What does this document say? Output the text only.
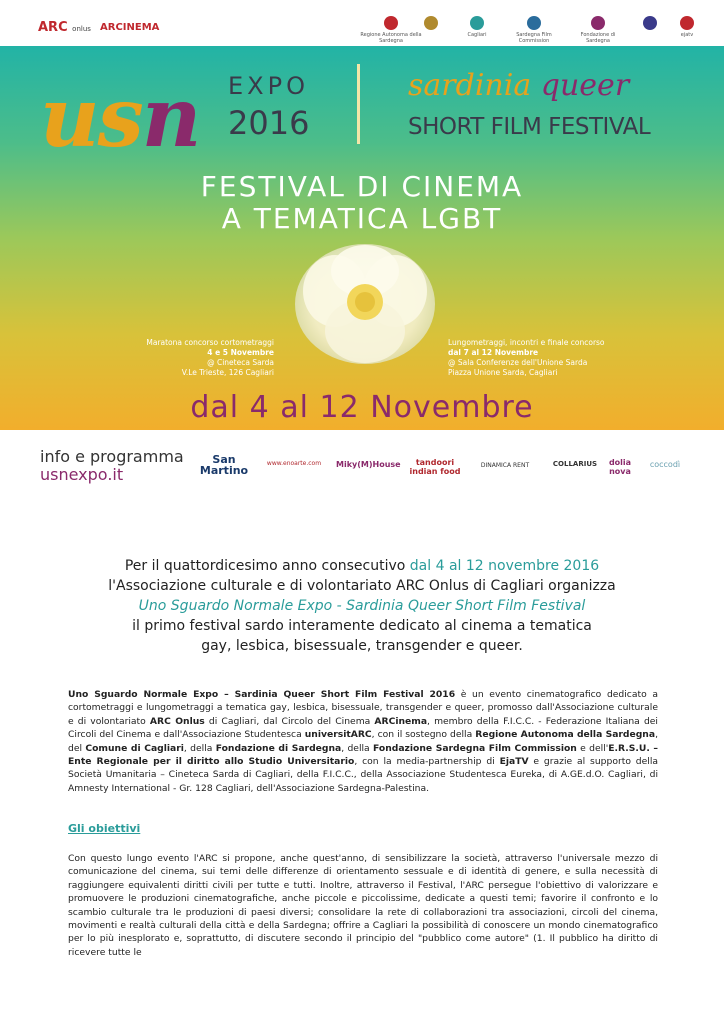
ARC onlus ARCINEMA
Regione Autonoma della Sardegna
Cagliari	Sardegna Film Commission
Fondazione di Sardegna
ejatv
usn EXPO
2016
sardinia queer
SHORT FILM FESTIVAL
FESTIVAL DI CINEMA
A TEMATICA LGBT
Maratona concorso cortometraggi
4 e 5 Novembre
@ Cineteca Sarda
V.Le Trieste, 126 Cagliari
Lungometraggi, incontri e finale concorso
dal 7 al 12 Novembre
@ Sala Conferenze dell'Unione Sarda
Piazza Unione Sarda, Cagliari
dal 4 al 12 Novembre
info e programma
usnexpo.it
San Martino
www.enoarte.com	Miky(M)House	tandoori indian food
DINAMICA RENT	COLLARIUS	dolia nova
coccodì
Per il quattordicesimo anno consecutivo dal 4 al 12 novembre 2016
l'Associazione culturale e di volontariato ARC Onlus di Cagliari organizza
Uno Sguardo Normale Expo - Sardinia Queer Short Film Festival
il primo festival sardo interamente dedicato al cinema a tematica
gay, lesbica, bisessuale, transgender e queer.
Uno Sguardo Normale Expo – Sardinia Queer Short Film Festival 2016 è un evento cinematografico dedicato a cortometraggi e lungometraggi a tematica gay, lesbica, bisessuale, transgender e queer, promosso dall'Associazione culturale e di volontariato ARC Onlus di Cagliari, dal Circolo del Cinema ARCinema, membro della F.I.C.C. - Federazione Italiana dei Circoli del Cinema e dall'Associazione Studentesca universitARC, con il sostegno della Regione Autonoma della Sardegna, del Comune di Cagliari, della Fondazione di Sardegna, della Fondazione Sardegna Film Commission e dell'E.R.S.U. – Ente Regionale per il diritto allo Studio Universitario, con la media-partnership di EjaTV e grazie al supporto della Società Umanitaria – Cineteca Sarda di Cagliari, della F.I.C.C., della Associazione Studentesca Eureka, di A.GE.d.O. Cagliari, di Amnesty International - Gr. 128 Cagliari, dell'Associazione Sardegna-Palestina.
Gli obiettivi
Con questo lungo evento l'ARC si propone, anche quest'anno, di sensibilizzare la società, attraverso l'universale mezzo di comunicazione del cinema, sui temi delle differenze di orientamento sessuale e di identità di genere, e sulla necessità di raggiungere equivalenti diritti civili per tutte e tutti. Inoltre, attraverso il Festival, l'ARC persegue l'obiettivo di valorizzare e promuovere le produzioni cinematografiche, anche piccole e piccolissime, dedicate a questi temi; favorire il confronto e lo scambio culturale tra le produzioni di paesi diversi; consolidare la rete di collaborazioni tra associazioni, circoli del cinema, movimenti e realtà culturali della città e della Sardegna; offrire a Cagliari la possibilità di conoscere un mondo cinematografico per lo più inesplorato e, soprattutto, di discutere secondo il principio del "pubblico come autore" (1. Il pubblico ha diritto di ricevere tutte le
